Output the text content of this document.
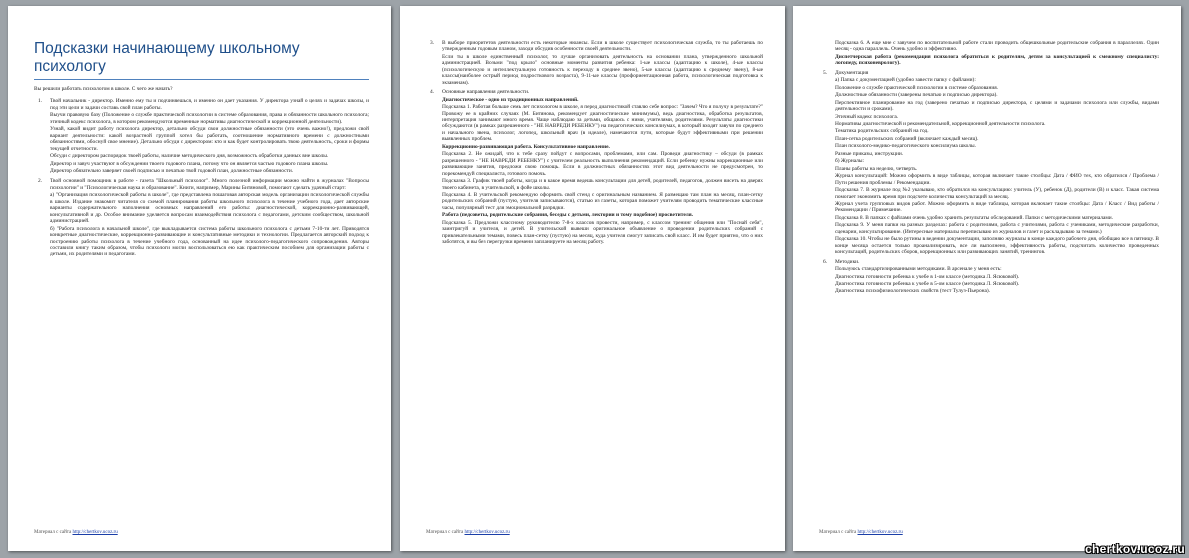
Подсказки начинающему школьному психологу

Вы решили работать психологом в школе. С чего же начать?

1. Твой начальник - директор. Именно ему ты и подчиняешься, и именно он дает указания. У директора узнай о целях и задачах школы, и под эти цели и задачи составь свой план работы.

Выучи правовую базу (Положение о службе практической психологии в системе образования, права и обязанности школьного психолога; этичный кодекс психолога, в котором рекомендуются временные нормативы диагностической и коррекционной деятельности).

Узнай, какой видит работу психолога директор, детально обсуди свои должностные обязанности (это очень важно!), предложи свой вариант деятельности: какой возрастной группой хотел бы работать, соотношение нормативного времени с должностными обязанностями, обоснуй свое мнение). Детально обсуди с директором: кто и как будет контролировать твою деятельность, сроки и формы текущей отчетности.

Обсуди с директором распорядок твоей работы, наличие методического дня, возможность обработки данных вне школы.

Директор и завуч участвуют в обсуждении твоего годового плана, потому что он является частью годового плана школы.

Директор обязательно заверяет своей подписью и печатью твой годовой план, должностные обязанности.

2. Твой основной помощник в работе - газета "Школьный психолог". Много полезной информации можно найти в журналах "Вопросы психологии" и "Психологическая наука и образование". Книги, например, Марины Битяновой, помогают сделать удачный старт:

а) "Организация психологической работы в школе", где представлена пошаговая авторская модель организации психологической службы в школе. Издание знакомит читателя со схемой планирования работы школьного психолога в течение учебного года, дает авторские варианты содержательного наполнения основных направлений его работы: диагностической, коррекционно-развивающей, консультативной и др. Особое внимание уделяется вопросам взаимодействия психолога с педагогами, детским сообществом, школьной администрацией.

б) "Работа психолога в начальной школе", где выкладывается система работы школьного психолога с детьми 7-10-ти лет. Приводятся конкретные диагностические, коррекционно-развивающие и консультативные методики и технологии. Предлагается авторский подход к построению работы психолога в течение учебного года, основанный на идее психолого-педагогического сопровождения. Авторы составили книгу таким образом, чтобы психологи могли воспользоваться ею как практическим пособием для организации работы с детьми, их родителями и педагогами.

Материал с сайта http://chertkov.ucoz.ru
3. В выборе приоритетов деятельности есть некоторые нюансы. Если в школе существует психологическая служба, то ты работаешь по утвержденным годовым планом, заходи обсудив особенности своей деятельности.

Если ты в школе единственный психолог, то лучше организовать деятельность на основании плана, утвержденного школьной администрацией. Возьми "под крыло" основные моменты развития ребенка: 1-ые классы (адаптацию к школе), 4-ые классы (психологическую и интеллектуальную готовность к переходу в среднее звено), 5-ые классы (адаптацию к среднему звену), 8-ые классы(наиболее острый период подросткового возраста), 9-11-ые классы (профориентационная работа, психологическая подготовка к экзаменам).

4. Основные направления деятельности.

Диагностическое - одно из традиционных направлений.

Подсказка 1. Работая больше семь лет психологом в школе, я перед диагностикой ставлю себе вопрос: "Зачем? Что я получу в результате?" Провожу ее в крайних случаях (М. Битянова, рекомендует диагностические минимумы), ведь диагностика, обработка результатов, интерпретация занимают много время. Чаще наблюдаю за детьми, общаюсь с ними, учителями, родителями. Результаты диагностики обсуждаются (в рамках разрешенного - "НЕ НАВРЕДИ РЕБЕНКУ") на педагогических консилиумах, в который входят завучи по среднего и начального звена, психолог, логопед, школьный врач (в идеале), намечаются пути, которые будут эффективными при решении выявленных проблем.

Коррекционно-развивающая работа. Консультативное направление.

Подсказка 2. Не ожидай, что к тебе сразу пойдут с вопросами, проблемами, или сам. Проведи диагностику – обсуди (в рамках разрешенного - "НЕ НАВРЕДИ РЕБЕНКУ") с учителем реальность выполнения рекомендаций. Если ребенку нужны коррекционные или развивающие занятия, предложи свою помощь. Если в должностных обязанностях этот вид деятельности не предусмотрен, то порекомендуй специалиста, готового помочь.

Подсказка 3. График твоей работы, когда и в какое время ведешь консультации для детей, родителей, педагогов, должен висеть на дверях твоего кабинета, в учительской, в фойе школы.

Подсказка 4. В учительской рекомендую оформить свой стенд с оригинальным названием. Я размещаю там план на месяц, план-сетку родительских собраний (пустую, учителя записываются), статью из газеты, которая поможет учителям проводить тематические классные часы, популярный тест для эмоциональной разрядки.

Работа (педсоветы, родительские собрания, беседы с детьми, лектории и тому подобное) просветителя.

Подсказка 5. Предложи классному руководителю 7-8-х классов провести, например, с классом тренинг общения или "Поснай себя", заинтригуй и учителя, и детей. В учительской вывеши оригинальное объявление о проведении родительских собраний с привлекательными темами, повесь план-сетку (пустую) на месяц, куда учителя смогут записать свой класс. И им будет приятно, что о них заботятся, и вы без перегрузки времени запланируете на месяц работу.

Материал с сайта http://chertkov.ucoz.ru

Подсказка 6. А еще мне с завучем по воспитательной работе стали проводить общешкольные родительские собрания в параллелях. Один месяц - одна параллель. Очень удобно и эффективно.

Диспетчерская работа (рекомендация психолога обратиться к родителям, детям за консультацией к смежному специалисту: логопеду, психоневрологу).

5. Документация

а) Папка с документацией (удобно завести папку с файлами):

Положение о службе практической психологии в системе образования.

Должностные обязанности (заверены печатью и подписью директора).

Перспективное планирование на год (заверено печатью и подписью директора, с целями и задачами психолога или службы, видами деятельности и сроками).

Этичный кодекс психолога.

Нормативы диагностической и рекомендательной, коррекционной деятельности психолога.

Тематика родительских собраний на год.

План-сетка родительских собраний (включает каждый месяц).

План психолого-медико-педагогического консилиума школы.

Разные приказы, инструкции.

б) Журналы:

Планы работы на неделю, четверть.

Журнал консультаций: Можно оформить в виде таблицы, которая включает такие столбцы: Дата / ФИО тех, кто обратился / Проблема / Пути решения проблемы / Рекомендации.

Подсказка 7. В журнале под №2 указываю, кто обратился на консультацию: учитель (У), ребенок (Д), родители (В) и класс. Такая система помогает экономить время при подсчете количества консультаций за месяц.

Журнал учета групповых видов работ. Можно оформить в виде таблицы, которая включает такие столбцы: Дата / Класс / Вид работы / Рекомендации / Примечание.

Подсказка 8. В папках с файлами очень удобно хранить результаты обследований. Папки с методическими материалами.

Подсказка 9. У меня папки на разных разделах: работа с родителями, работа с учителями, работа с учениками, методические разработки, сценарии, консультирование. (Интересные материалы переписываю из журналов и газет и раскладываю за темами.)

Подсказка 10. Чтобы не было рутины в ведении документации, заполняю журналы в конце каждого рабочего дня, обобщаю все в пятницу. В конце месяца остается только проанализировать, все ли выполнено, эффективность работы, подсчитать количество проведенных консультаций, родительских сборов, коррекционных или развивающих занятий, тренингов.

6. Методики.

Пользуюсь стандартизированными методиками. В арсенале у меня есть:

Диагностика готовности ребенка к учебе в 1-ом классе (методика Л. Ясюковой).

Диагностика готовности ребенка к учебе в 5-ом классе (методика Л. Ясюковой).

Диагностика психофизиологических свойств (тест Тулуз-Пьерона).

Материал с сайта http://chertkov.ucoz.ru
chertkov.ucoz.ru
